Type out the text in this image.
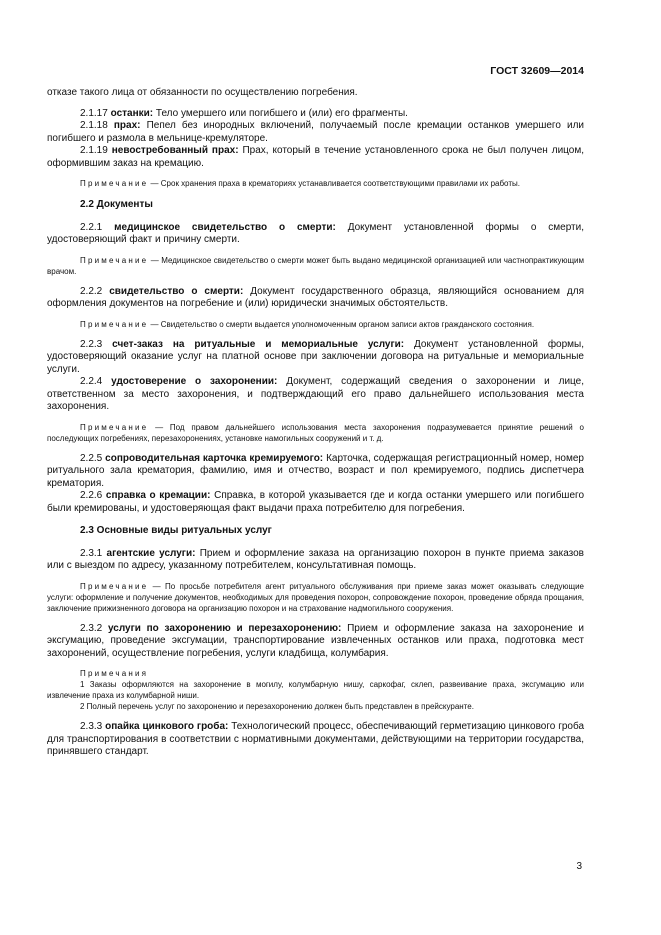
ГОСТ 32609—2014

отказе такого лица от обязанности по осуществлению погребения.

2.1.17 останки: Тело умершего или погибшего и (или) его фрагменты.

2.1.18 прах: Пепел без инородных включений, получаемый после кремации останков умершего или погибшего и размола в мельнице-кремуляторе.

2.1.19 невостребованный прах: Прах, который в течение установленного срока не был получен лицом, оформившим заказ на кремацию.

Примечание — Срок хранения праха в крематориях устанавливается соответствующими правилами их работы.

2.2 Документы

2.2.1 медицинское свидетельство о смерти: Документ установленной формы о смерти, удостоверяющий факт и причину смерти.

Примечание — Медицинское свидетельство о смерти может быть выдано медицинской организацией или частнопрактикующим врачом.

2.2.2 свидетельство о смерти: Документ государственного образца, являющийся основанием для оформления документов на погребение и (или) юридически значимых обстоятельств.

Примечание — Свидетельство о смерти выдается уполномоченным органом записи актов гражданского состояния.

2.2.3 счет-заказ на ритуальные и мемориальные услуги: Документ установленной формы, удостоверяющий оказание услуг на платной основе при заключении договора на ритуальные и мемориальные услуги.

2.2.4 удостоверение о захоронении: Документ, содержащий сведения о захоронении и лице, ответственном за место захоронения, и подтверждающий его право дальнейшего использования места захоронения.

Примечание — Под правом дальнейшего использования места захоронения подразумевается принятие решений о последующих погребениях, перезахоронениях, установке намогильных сооружений и т. д.

2.2.5 сопроводительная карточка кремируемого: Карточка, содержащая регистрационный номер, номер ритуального зала крематория, фамилию, имя и отчество, возраст и пол кремируемого, подпись диспетчера крематория.

2.2.6 справка о кремации: Справка, в которой указывается где и когда останки умершего или погибшего были кремированы, и удостоверяющая факт выдачи праха потребителю для погребения.

2.3 Основные виды ритуальных услуг

2.3.1 агентские услуги: Прием и оформление заказа на организацию похорон в пункте приема заказов или с выездом по адресу, указанному потребителем, консультативная помощь.

Примечание — По просьбе потребителя агент ритуального обслуживания при приеме заказ может оказывать следующие услуги: оформление и получение документов, необходимых для проведения похорон, сопровождение похорон, проведение обряда прощания, заключение прижизненного договора на организацию похорон и на страхование надмогильного сооружения.

2.3.2 услуги по захоронению и перезахоронению: Прием и оформление заказа на захоронение и эксгумацию, проведение эксгумации, транспортирование извлеченных останков или праха, подготовка мест захоронений, осуществление погребения, услуги кладбища, колумбария.

Примечания

1 Заказы оформляются на захоронение в могилу, колумбарную нишу, саркофаг, склеп, развеивание праха, эксгумацию или извлечение праха из колумбарной ниши.

2 Полный перечень услуг по захоронению и перезахоронению должен быть представлен в прейскуранте.

2.3.3 опайка цинкового гроба: Технологический процесс, обеспечивающий герметизацию цинкового гроба для транспортирования в соответствии с нормативными документами, действующими на территории государства, принявшего стандарт.

3
